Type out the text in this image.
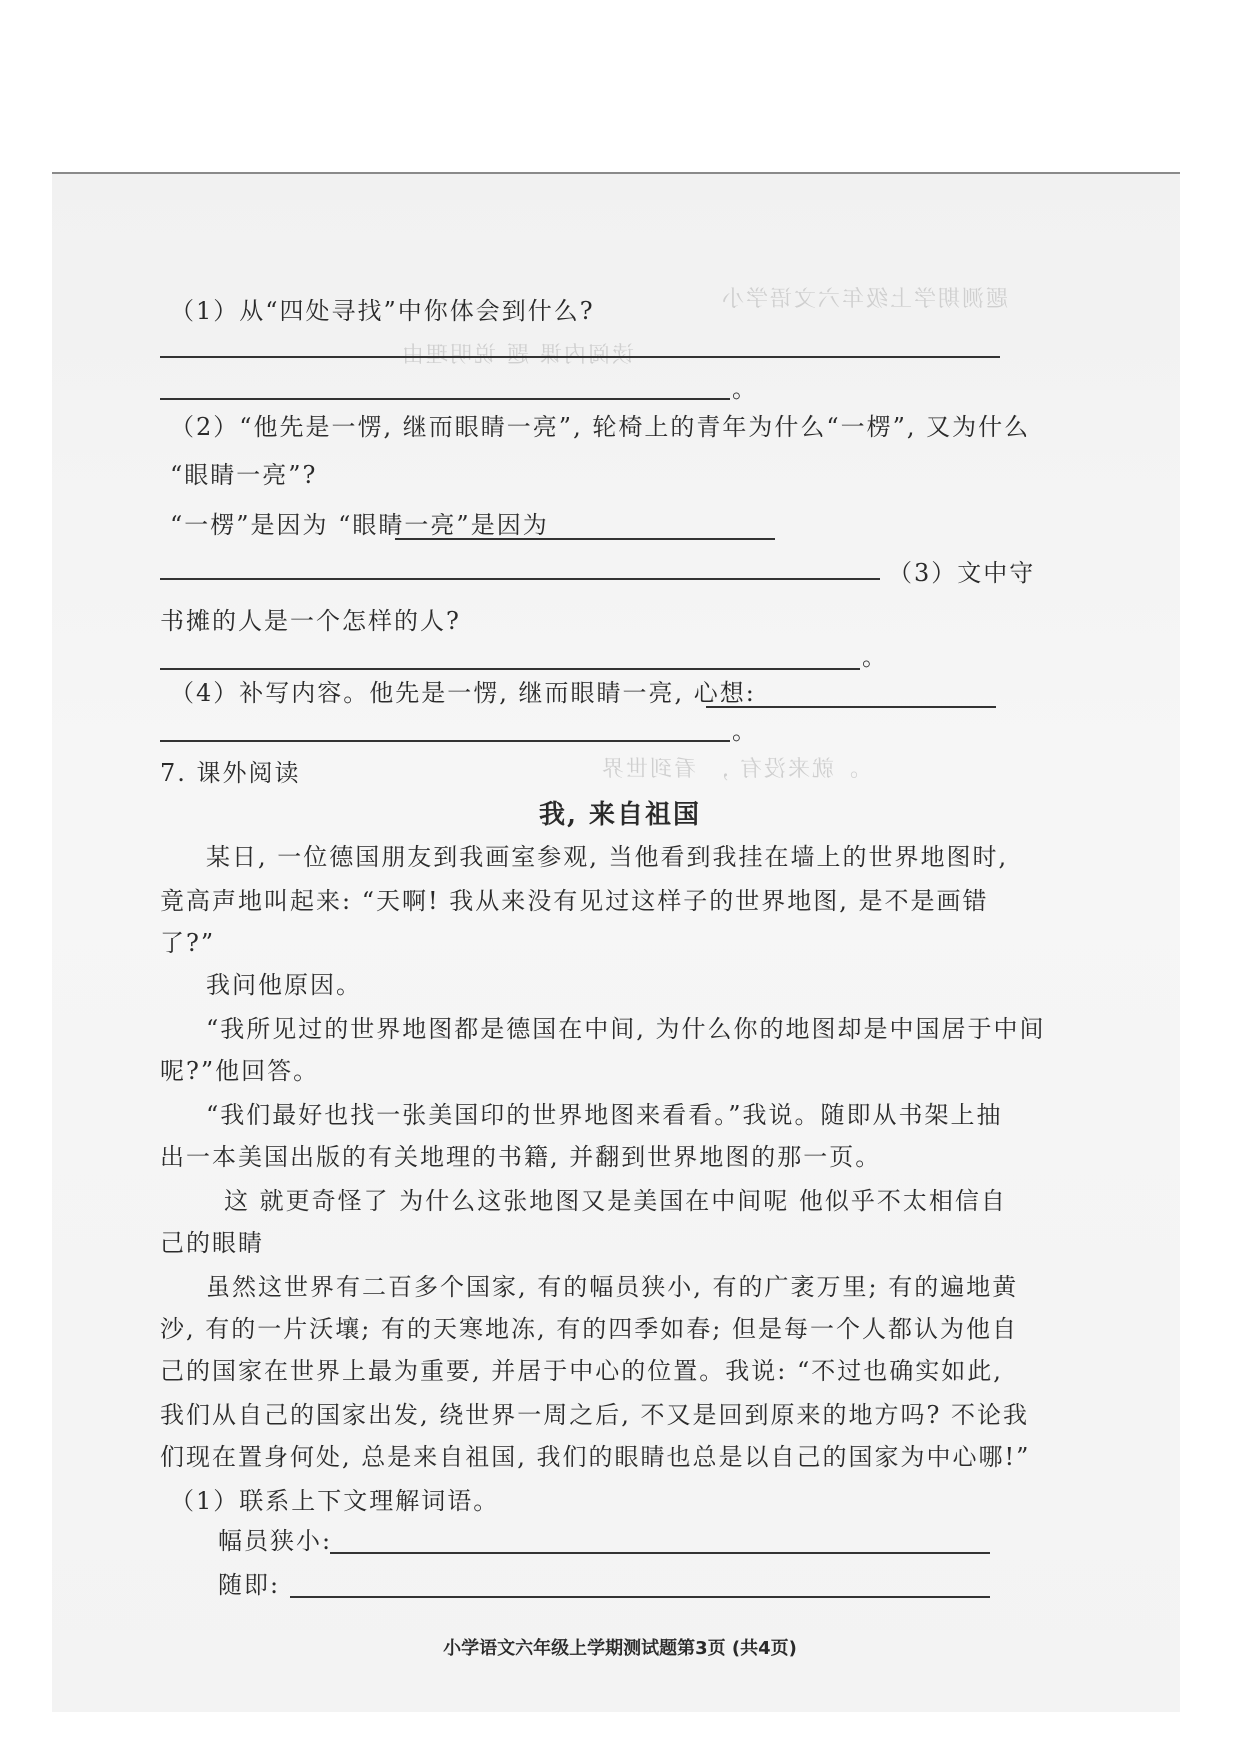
题测期学上级年六文语学小
读阅内课 题 说明理由
。就来没有 ， 看到世界
（1）从“四处寻找”中你体会到什么?
。
（2）“他先是一愣, 继而眼睛一亮”, 轮椅上的青年为什么“一楞”, 又为什么
“眼睛一亮”?
“一楞”是因为 “眼睛一亮”是因为
（3）文中守
书摊的人是一个怎样的人?
。
（4）补写内容。他先是一愣, 继而眼睛一亮, 心想:
。
7. 课外阅读
我, 来自祖国
某日, 一位德国朋友到我画室参观, 当他看到我挂在墙上的世界地图时,
竟高声地叫起来: “天啊! 我从来没有见过这样子的世界地图, 是不是画错
了?”
我问他原因。
“我所见过的世界地图都是德国在中间, 为什么你的地图却是中国居于中间
呢?”他回答。
“我们最好也找一张美国印的世界地图来看看。”我说。随即从书架上抽
出一本美国出版的有关地理的书籍, 并翻到世界地图的那一页。
这 就更奇怪了 为什么这张地图又是美国在中间呢 他似乎不太相信自
己的眼睛
虽然这世界有二百多个国家, 有的幅员狭小, 有的广袤万里; 有的遍地黄
沙, 有的一片沃壤; 有的天寒地冻, 有的四季如春; 但是每一个人都认为他自
己的国家在世界上最为重要, 并居于中心的位置。我说: “不过也确实如此,
我们从自己的国家出发, 绕世界一周之后, 不又是回到原来的地方吗? 不论我
们现在置身何处, 总是来自祖国, 我们的眼睛也总是以自己的国家为中心哪!”
（1）联系上下文理解词语。
幅员狭小:
随即:
小学语文六年级上学期测试题第3页 (共4页)
